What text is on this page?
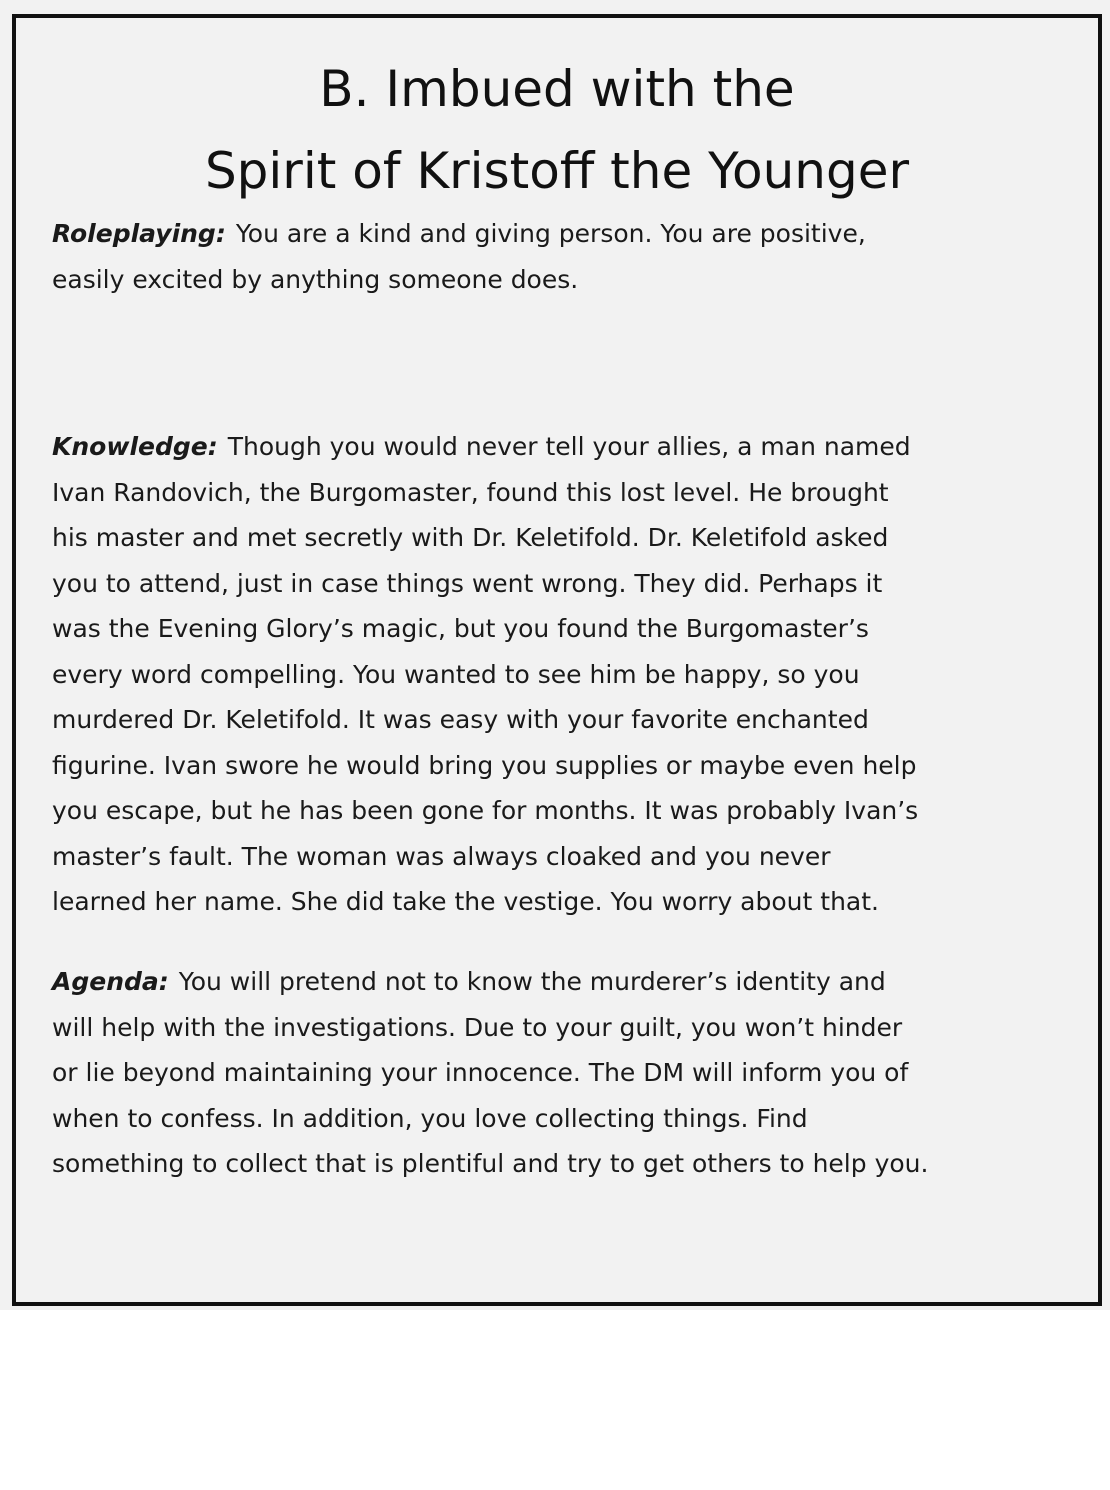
B. Imbued with the
Spirit of Kristoff the Younger
Roleplaying: You are a kind and giving person. You are positive,
easily excited by anything someone does.
Knowledge: Though you would never tell your allies, a man named
Ivan Randovich, the Burgomaster, found this lost level. He brought
his master and met secretly with Dr. Keletifold. Dr. Keletifold asked
you to attend, just in case things went wrong. They did. Perhaps it
was the Evening Glory’s magic, but you found the Burgomaster’s
every word compelling. You wanted to see him be happy, so you
murdered Dr. Keletifold. It was easy with your favorite enchanted
figurine. Ivan swore he would bring you supplies or maybe even help
you escape, but he has been gone for months. It was probably Ivan’s
master’s fault. The woman was always cloaked and you never
learned her name. She did take the vestige. You worry about that.
Agenda: You will pretend not to know the murderer’s identity and
will help with the investigations. Due to your guilt, you won’t hinder
or lie beyond maintaining your innocence. The DM will inform you of
when to confess. In addition, you love collecting things. Find
something to collect that is plentiful and try to get others to help you.
